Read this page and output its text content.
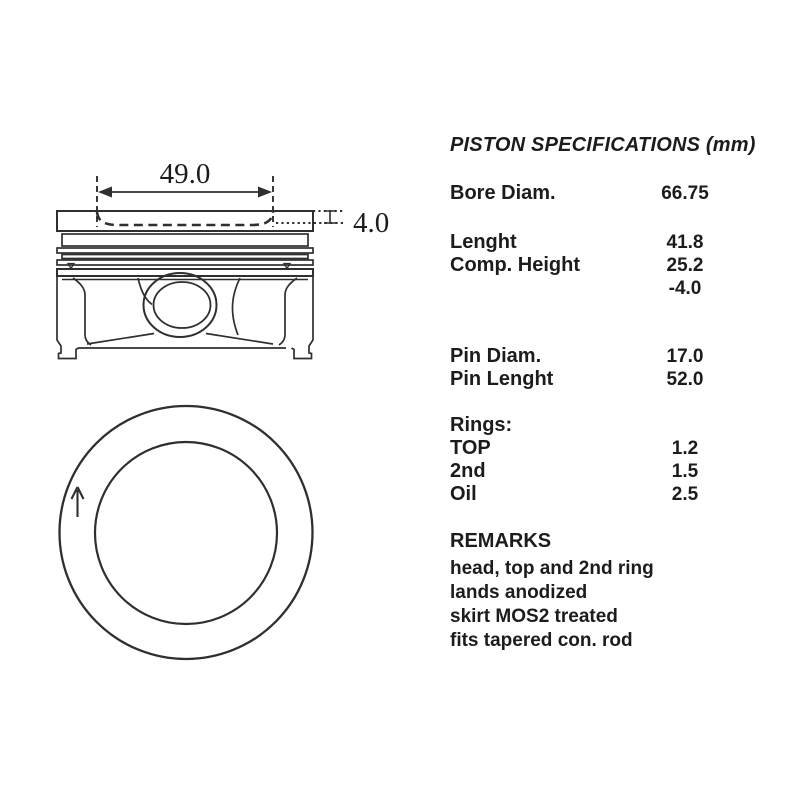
49.0
4.0
PISTON SPECIFICATIONS (mm)
Bore Diam.	66.75
Lenght	41.8
Comp. Height	25.2
-4.0
Pin Diam.	17.0
Pin Lenght	52.0
Rings:
TOP	1.2
2nd	1.5
Oil	2.5
REMARKS
head, top and 2nd ring
lands anodized
skirt MOS2 treated
fits tapered con. rod
